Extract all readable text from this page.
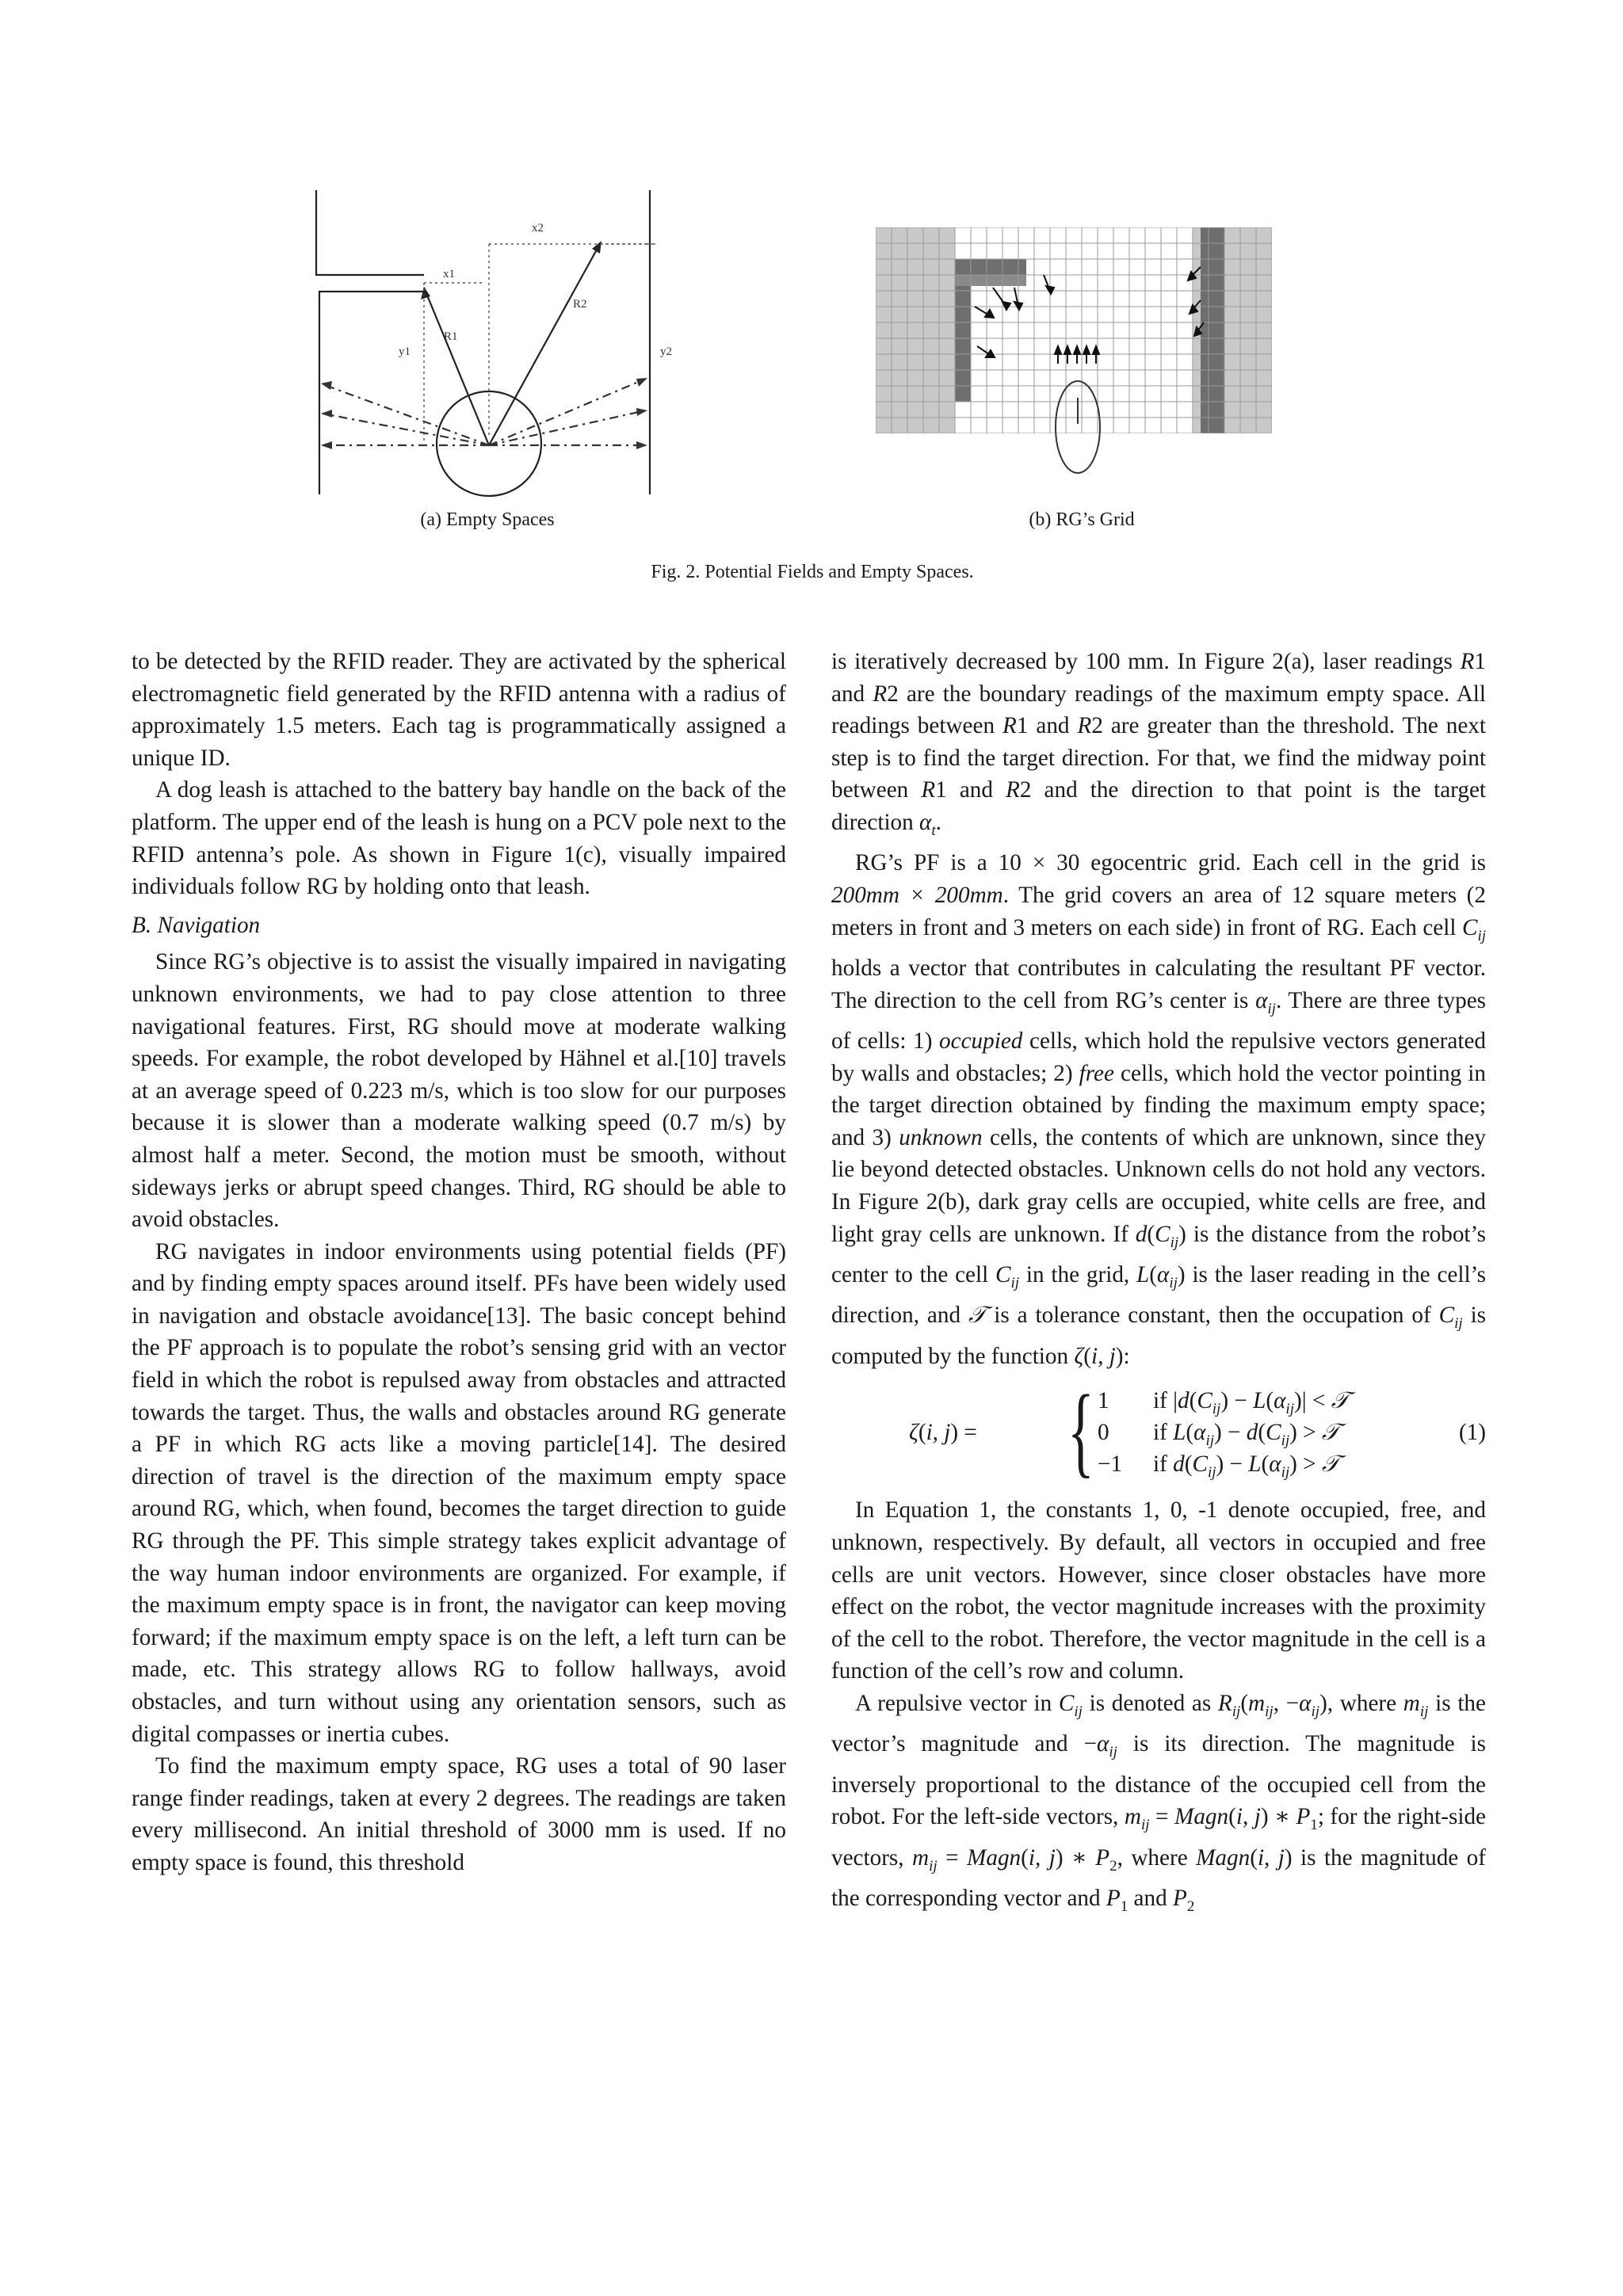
x1
x2
R1
R2
y1	y2
(a) Empty Spaces	(b) RG’s Grid
Fig. 2. Potential Fields and Empty Spaces.

to be detected by the RFID reader. They are activated by the spherical electromagnetic field generated by the RFID antenna with a radius of approximately 1.5 meters. Each tag is programmatically assigned a unique ID.

A dog leash is attached to the battery bay handle on the back of the platform. The upper end of the leash is hung on a PCV pole next to the RFID antenna’s pole. As shown in Figure 1(c), visually impaired individuals follow RG by holding onto that leash.

B. Navigation

Since RG’s objective is to assist the visually impaired in navigating unknown environments, we had to pay close attention to three navigational features. First, RG should move at moderate walking speeds. For example, the robot developed by Hähnel et al.[10] travels at an average speed of 0.223 m/s, which is too slow for our purposes because it is slower than a moderate walking speed (0.7 m/s) by almost half a meter. Second, the motion must be smooth, without sideways jerks or abrupt speed changes. Third, RG should be able to avoid obstacles.

RG navigates in indoor environments using potential fields (PF) and by finding empty spaces around itself. PFs have been widely used in navigation and obstacle avoidance[13]. The basic concept behind the PF approach is to populate the robot’s sensing grid with an vector field in which the robot is repulsed away from obstacles and attracted towards the target. Thus, the walls and obstacles around RG generate a PF in which RG acts like a moving particle[14]. The desired direction of travel is the direction of the maximum empty space around RG, which, when found, becomes the target direction to guide RG through the PF. This simple strategy takes explicit advantage of the way human indoor environments are organized. For example, if the maximum empty space is in front, the navigator can keep moving forward; if the maximum empty space is on the left, a left turn can be made, etc. This strategy allows RG to follow hallways, avoid obstacles, and turn without using any orientation sensors, such as digital compasses or inertia cubes.

To find the maximum empty space, RG uses a total of 90 laser range finder readings, taken at every 2 degrees. The readings are taken every millisecond. An initial threshold of 3000 mm is used. If no empty space is found, this threshold

is iteratively decreased by 100 mm. In Figure 2(a), laser readings R1 and R2 are the boundary readings of the maximum empty space. All readings between R1 and R2 are greater than the threshold. The next step is to find the target direction. For that, we find the midway point between R1 and R2 and the direction to that point is the target direction $\alpha_t$.

RG’s PF is a 10 × 30 egocentric grid. Each cell in the grid is 200mm × 200mm. The grid covers an area of 12 square meters (2 meters in front and 3 meters on each side) in front of RG. Each cell $C_{ij}$ holds a vector that contributes in calculating the resultant PF vector. The direction to the cell from RG’s center is $\alpha_{ij}$. There are three types of cells: 1) occupied cells, which hold the repulsive vectors generated by walls and obstacles; 2) free cells, which hold the vector pointing in the target direction obtained by finding the maximum empty space; and 3) unknown cells, the contents of which are unknown, since they lie beyond detected obstacles. Unknown cells do not hold any vectors. In Figure 2(b), dark gray cells are occupied, white cells are free, and light gray cells are unknown. If $d(C_{ij})$ is the distance from the robot’s center to the cell $C_{ij}$ in the grid, $L(\alpha_{ij})$ is the laser reading in the cell’s direction, and 𝒯 is a tolerance constant, then the occupation of $C_{ij}$ is computed by the function ζ(i, j):

ζ(i, j) = { 1 if $|d(C_{ij}) - L(\alpha_{ij})|$ < 𝒯
0 if $L(\alpha_{ij}) - d(C_{ij})$ > 𝒯
−1 if $d(C_{ij}) - L(\alpha_{ij})$ > 𝒯
(1)

In Equation 1, the constants 1, 0, -1 denote occupied, free, and unknown, respectively. By default, all vectors in occupied and free cells are unit vectors. However, since closer obstacles have more effect on the robot, the vector magnitude increases with the proximity of the cell to the robot. Therefore, the vector magnitude in the cell is a function of the cell’s row and column.

A repulsive vector in $C_{ij}$ is denoted as $R_{ij}(m_{ij}$, $-\alpha_{ij}$), where $m_{ij}$ is the vector’s magnitude and $-\alpha_{ij}$ is its direction. The magnitude is inversely proportional to the distance of the occupied cell from the robot. For the left-side vectors, $m_{ij}$ = Magn(i, j) ∗ $P_1$; for the right-side vectors, $m_{ij}$ = Magn(i, j) ∗ $P_2$, where Magn(i, j) is the magnitude of the corresponding vector and $P_1$ and $P_2$
